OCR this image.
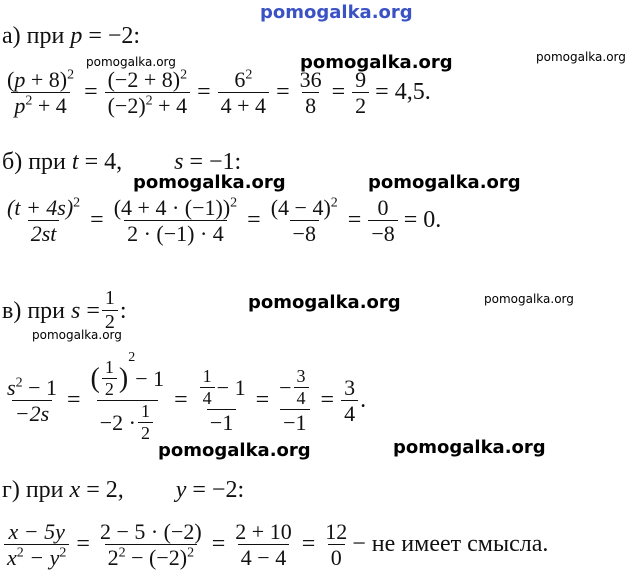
pomogalka.org
pomogalka.org	pomogalka.org	pomogalka.org
pomogalka.org	pomogalka.org
pomogalka.org	pomogalka.org
pomogalka.org
pomogalka.org	pomogalka.org
а) при
p
= −2:
$\frac{(p + 8)^2}{p^2 + 4} = \frac{(-2 + 8)^2}{(-2)^2 + 4} = \frac{6^2}{4 + 4} = \frac{36}{8} = \frac{9}{2} = 4,5$.
б) при
t
= 4, s
= −1:
$\frac{(t + 4s)^2}{2st} = \frac{(4 + 4 \cdot (-1))^2}{2 \cdot (-1) \cdot 4} = \frac{(4 - 4)^2}{-8} = \frac{0}{-8} = 0$.
в) при
s
= $\frac{1}{2}$ :
$\frac{s^2 - 1}{-2s}$ = ( $\frac{1}{2}$ )
2
− 1
$-2 \cdot \frac{1}{2} = \frac{\frac{1}{4} - 1}{-1} = \frac{- \frac{3}{4}}{-1} = \frac{3}{4}$ .
г) при
x
= 2, y
= −2:
$\frac{x - 5y}{x^2 - y^2} = \frac{2 - 5 \cdot (-2)}{2^2 - (-2)^2} = \frac{2 + 10}{4 - 4} = \frac{12}{0}$ − не имеет смысла.
